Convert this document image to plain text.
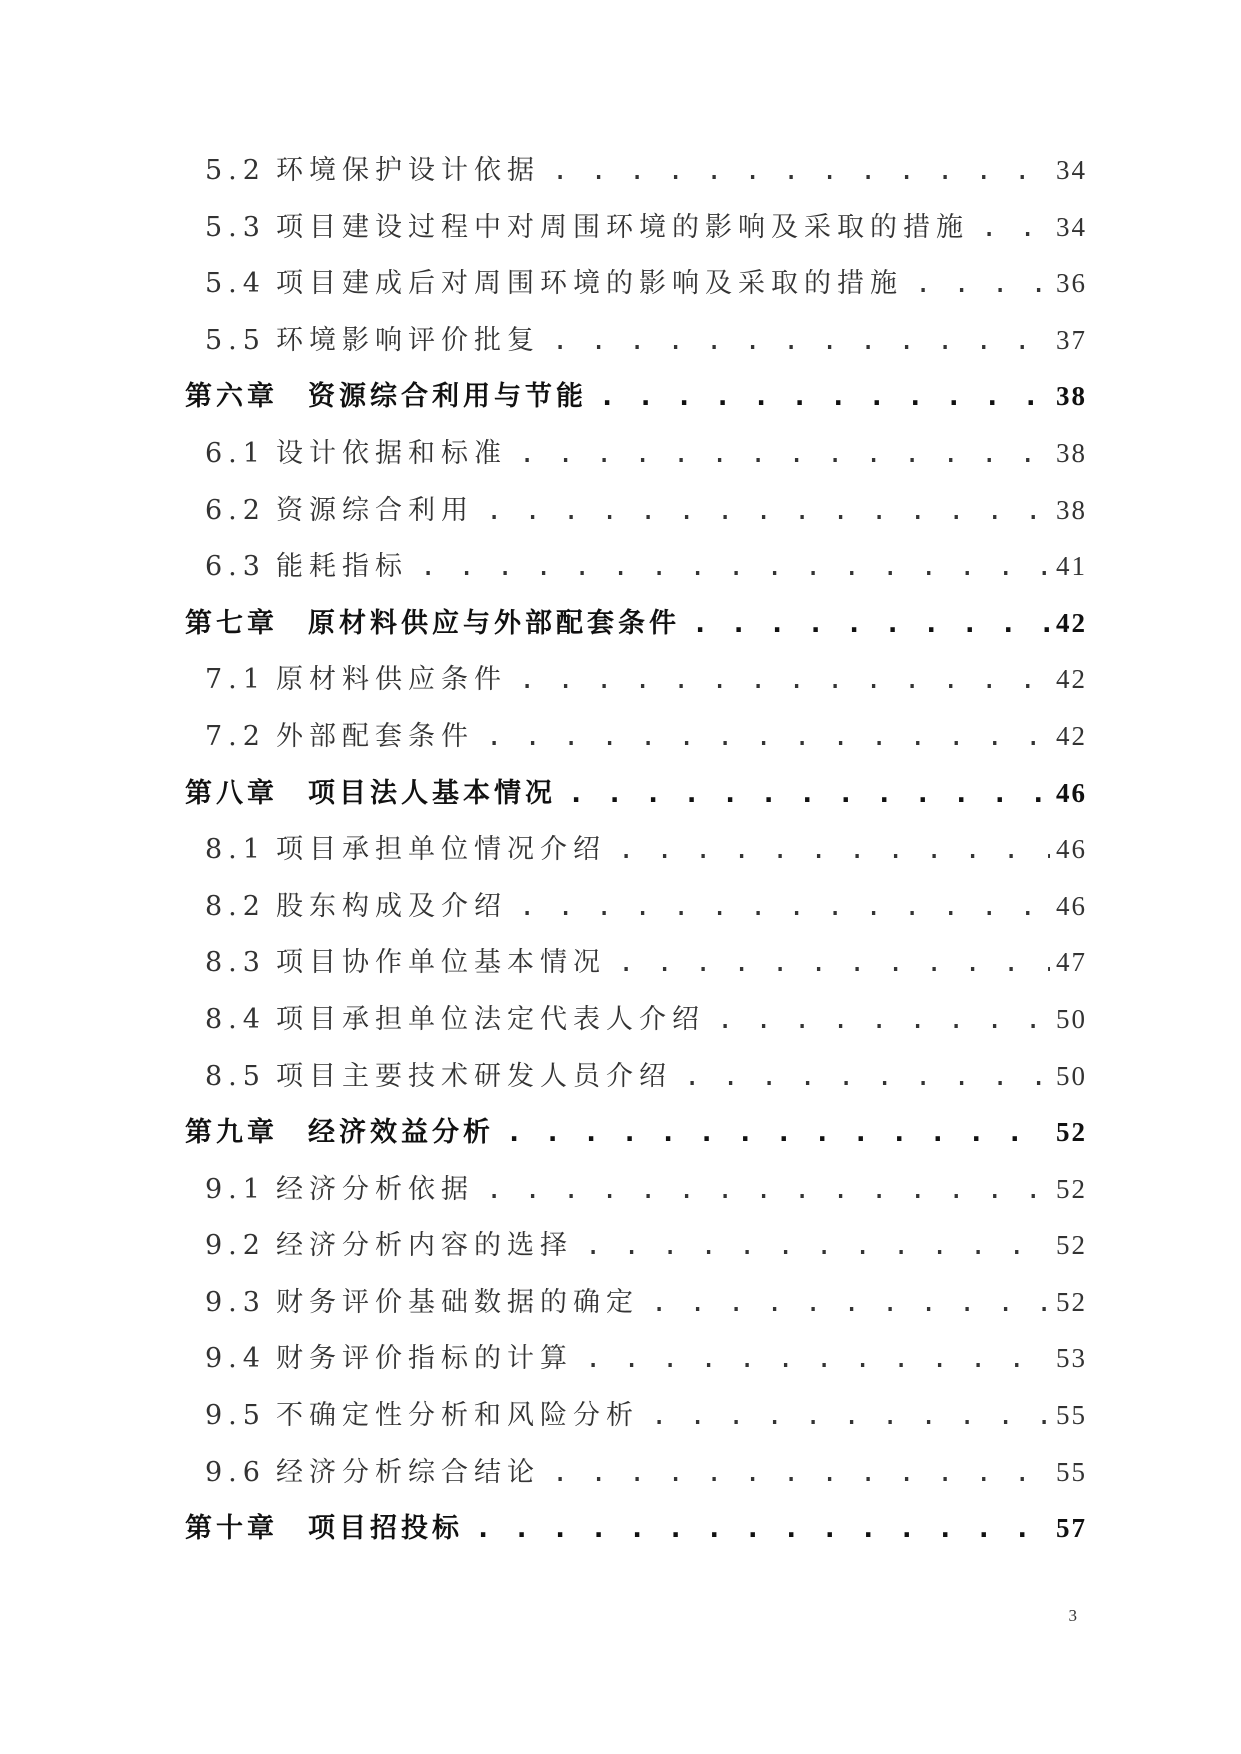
5.2 环境保护设计依据 . . .	34
5.3 项目建设过程中对周围环境的影响及采取的措施 . . .	34
5.4 项目建成后对周围环境的影响及采取的措施 . . .	36
5.5 环境影响评价批复 . . .	37
第六章 资源综合利用与节能 . . .	38
6.1 设计依据和标准 . . .	38
6.2 资源综合利用 . . .	38
6.3 能耗指标 . . .	41
第七章 原材料供应与外部配套条件 . . .	42
7.1 原材料供应条件 . . .	42
7.2 外部配套条件 . . .	42
第八章 项目法人基本情况 . . .	46
8.1 项目承担单位情况介绍 . . .	46
8.2 股东构成及介绍 . . .	46
8.3 项目协作单位基本情况 . . .	47
8.4 项目承担单位法定代表人介绍 . . .	50
8.5 项目主要技术研发人员介绍 . . .	50
第九章 经济效益分析 . . .	52
9.1 经济分析依据 . . .	52
9.2 经济分析内容的选择 . . .	52
9.3 财务评价基础数据的确定 . . .	52
9.4 财务评价指标的计算 . . .	53
9.5 不确定性分析和风险分析 . . .	55
9.6 经济分析综合结论 . . .	55
第十章 项目招投标 . . .	57
3
